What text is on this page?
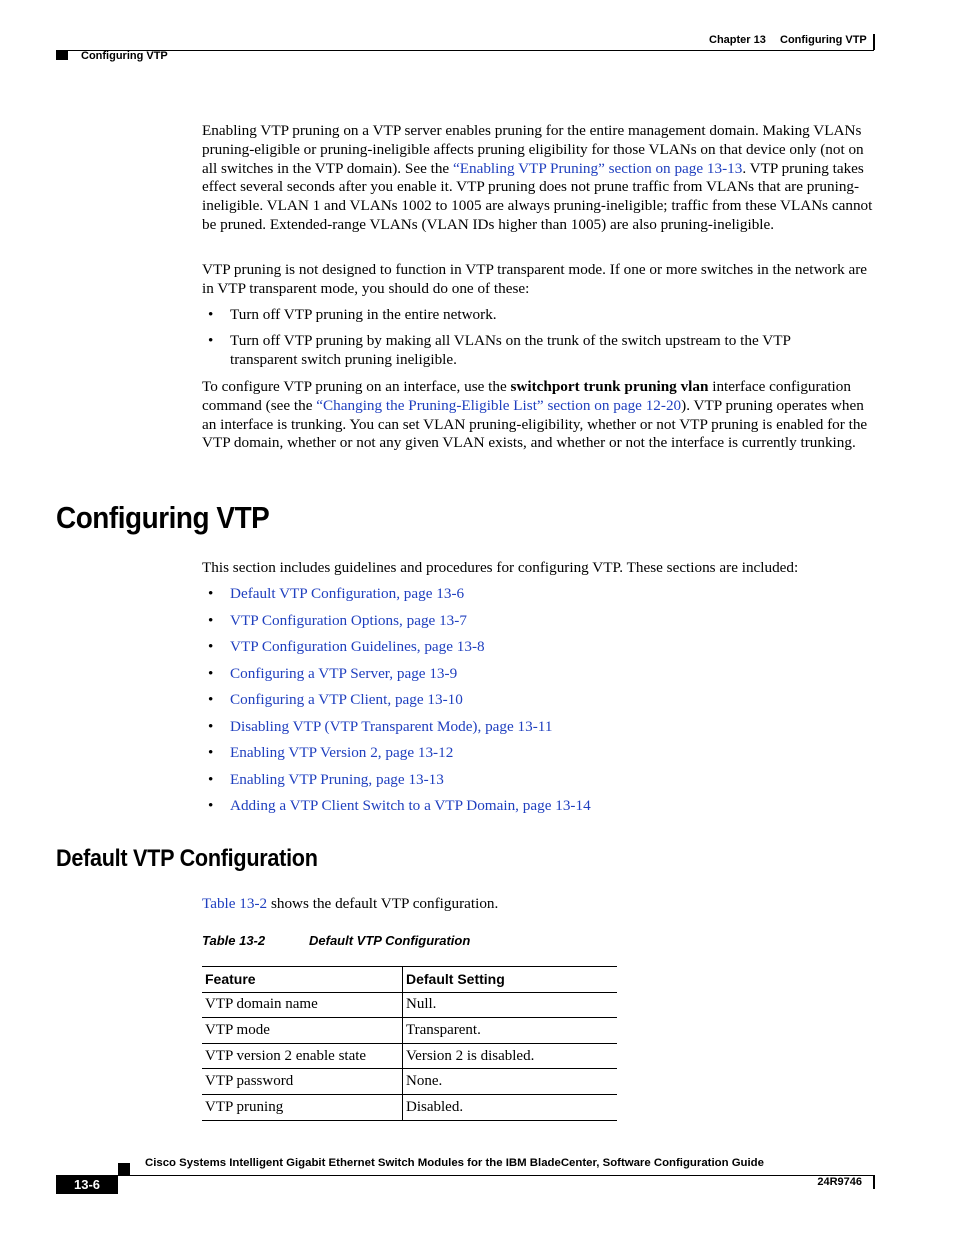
Chapter 13 Configuring VTP
Configuring VTP

Enabling VTP pruning on a VTP server enables pruning for the entire management domain. Making VLANs pruning-eligible or pruning-ineligible affects pruning eligibility for those VLANs on that device only (not on all switches in the VTP domain). See the “Enabling VTP Pruning” section on page 13-13. VTP pruning takes effect several seconds after you enable it. VTP pruning does not prune traffic from VLANs that are pruning-ineligible. VLAN 1 and VLANs 1002 to 1005 are always pruning-ineligible; traffic from these VLANs cannot be pruned. Extended-range VLANs (VLAN IDs higher than 1005) are also pruning-ineligible.

VTP pruning is not designed to function in VTP transparent mode. If one or more switches in the network are in VTP transparent mode, you should do one of these:
• Turn off VTP pruning in the entire network.
• Turn off VTP pruning by making all VLANs on the trunk of the switch upstream to the VTP transparent switch pruning ineligible.

To configure VTP pruning on an interface, use the switchport trunk pruning vlan interface configuration command (see the “Changing the Pruning-Eligible List” section on page 12-20). VTP pruning operates when an interface is trunking. You can set VLAN pruning-eligibility, whether or not VTP pruning is enabled for the VTP domain, whether or not any given VLAN exists, and whether or not the interface is currently trunking.

Configuring VTP
This section includes guidelines and procedures for configuring VTP. These sections are included:
• Default VTP Configuration, page 13-6
• VTP Configuration Options, page 13-7
• VTP Configuration Guidelines, page 13-8
• Configuring a VTP Server, page 13-9
• Configuring a VTP Client, page 13-10
• Disabling VTP (VTP Transparent Mode), page 13-11
• Enabling VTP Version 2, page 13-12
• Enabling VTP Pruning, page 13-13
• Adding a VTP Client Switch to a VTP Domain, page 13-14
Default VTP Configuration

Table 13-2 shows the default VTP configuration.

Table 13-2	Default VTP Configuration
Feature	Default Setting
VTP domain name	Null.
VTP mode	Transparent.
VTP version 2 enable state	Version 2 is disabled.
VTP password	None.
VTP pruning	Disabled.
Cisco Systems Intelligent Gigabit Ethernet Switch Modules for the IBM BladeCenter, Software Configuration Guide
13-6	24R9746
